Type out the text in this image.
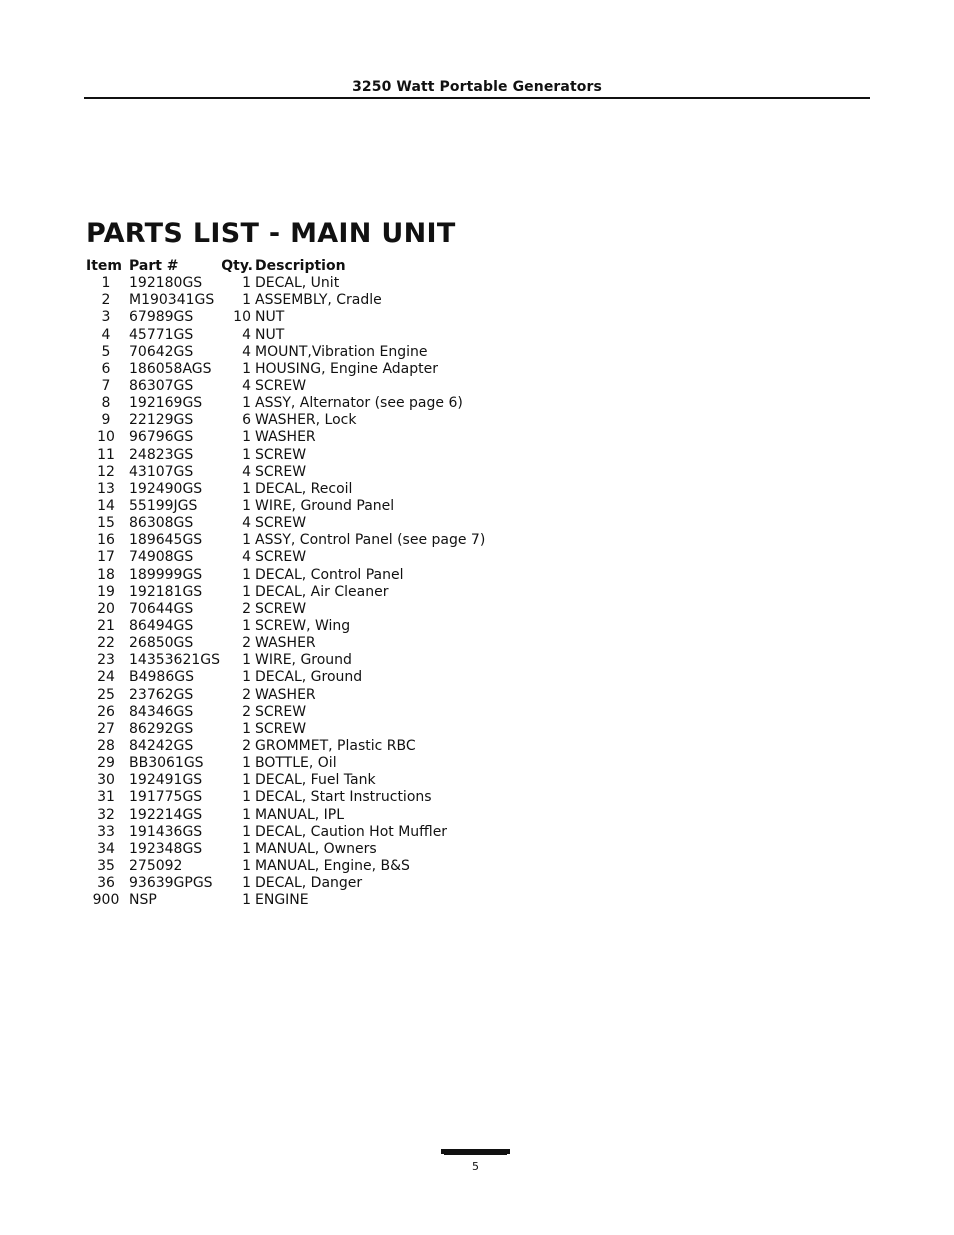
3250 Watt Portable Generators
PARTS LIST - MAIN UNIT
Item	Part #	Qty.	Description
1	192180GS	1	DECAL, Unit
2	M190341GS	1	ASSEMBLY, Cradle
3	67989GS	10	NUT
4	45771GS	4	NUT
5	70642GS	4	MOUNT,Vibration Engine
6	186058AGS	1	HOUSING, Engine Adapter
7	86307GS	4	SCREW
8	192169GS	1	ASSY, Alternator (see page 6)
9	22129GS	6	WASHER, Lock
10	96796GS	1	WASHER
11	24823GS	1	SCREW
12	43107GS	4	SCREW
13	192490GS	1	DECAL, Recoil
14	55199JGS	1	WIRE, Ground Panel
15	86308GS	4	SCREW
16	189645GS	1	ASSY, Control Panel (see page 7)
17	74908GS	4	SCREW
18	189999GS	1	DECAL, Control Panel
19	192181GS	1	DECAL, Air Cleaner
20	70644GS	2	SCREW
21	86494GS	1	SCREW, Wing
22	26850GS	2	WASHER
23	14353621GS	1	WIRE, Ground
24	B4986GS	1	DECAL, Ground
25	23762GS	2	WASHER
26	84346GS	2	SCREW
27	86292GS	1	SCREW
28	84242GS	2	GROMMET, Plastic RBC
29	BB3061GS	1	BOTTLE, Oil
30	192491GS	1	DECAL, Fuel Tank
31	191775GS	1	DECAL, Start Instructions
32	192214GS	1	MANUAL, IPL
33	191436GS	1	DECAL, Caution Hot Muffler
34	192348GS	1	MANUAL, Owners
35	275092	1	MANUAL, Engine, B&S
36	93639GPGS	1	DECAL, Danger
900	NSP	1	ENGINE
5
